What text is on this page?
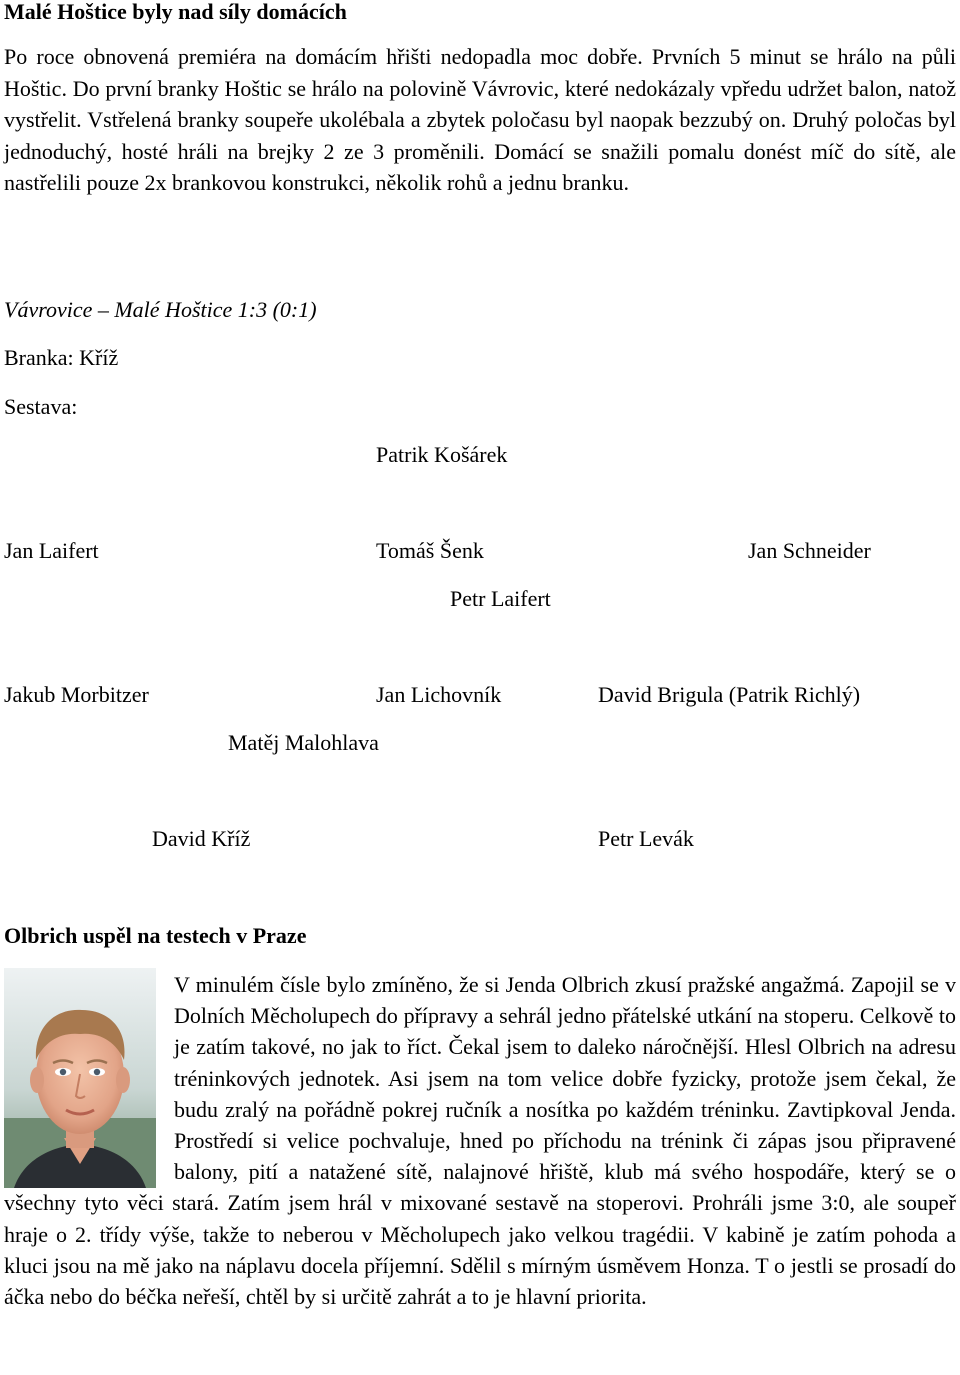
Malé Hoštice byly nad síly domácích
Po roce obnovená premiéra na domácím hřišti nedopadla moc dobře. Prvních 5 minut se hrálo na půli Hoštic. Do první branky Hoštic se hrálo na polovině Vávrovic, které nedokázaly vpředu udržet balon, natož vystřelit. Vstřelená branky soupeře ukolébala a zbytek poločasu byl naopak bezzubý on. Druhý poločas byl jednoduchý, hosté hráli na brejky 2 ze 3 proměnili. Domácí se snažili pomalu donést míč do sítě, ale nastřelili pouze 2x brankovou konstrukci, několik rohů a jednu branku.
Vávrovice – Malé Hoštice 1:3 (0:1)
Branka: Kříž
Sestava:
Patrik Košárek
Jan Laifert	Tomáš Šenk	Jan Schneider
Petr Laifert
Jakub Morbitzer	Jan Lichovník	David Brigula (Patrik Richlý)
Matěj Malohlava
David Kříž	Petr Levák
Olbrich uspěl na testech v Praze
V minulém čísle bylo zmíněno, že si Jenda Olbrich zkusí pražské angažmá. Zapojil se v Dolních Měcholupech do přípravy a sehrál jedno přátelské utkání na stoperu. Celkově to je zatím takové, no jak to říct. Čekal jsem to daleko náročnější. Hlesl Olbrich na adresu tréninkových jednotek. Asi jsem na tom velice dobře fyzicky, protože jsem čekal, že budu zralý na pořádně pokrej ručník a nosítka po každém tréninku. Zavtipkoval Jenda. Prostředí si velice pochvaluje, hned po příchodu na trénink či zápas jsou připravené balony, pití a natažené sítě, nalajnové hřiště, klub má svého hospodáře, který se o všechny tyto věci stará. Zatím jsem hrál v mixované sestavě na stoperovi. Prohráli jsme 3:0, ale soupeř hraje o 2. třídy výše, takže to neberou v Měcholupech jako velkou tragédii. V kabině je zatím pohoda a kluci jsou na mě jako na náplavu docela příjemní. Sdělil s mírným úsměvem Honza. T o jestli se prosadí do áčka nebo do béčka neřeší, chtěl by si určitě zahrát a to je hlavní priorita.
